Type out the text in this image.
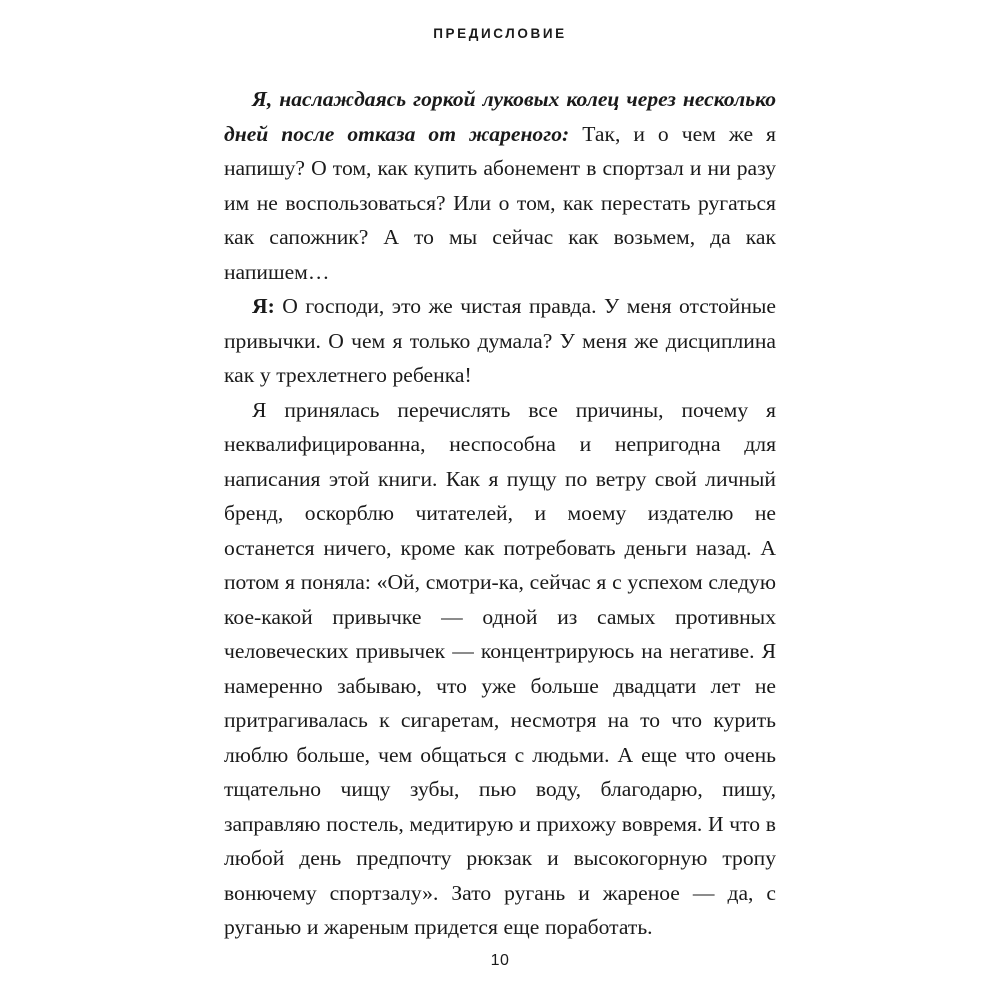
ПРЕДИСЛОВИЕ

Я, наслаждаясь горкой луковых колец через несколько дней после отказа от жареного: Так, и о чем же я напишу? О том, как купить абонемент в спортзал и ни разу им не воспользоваться? Или о том, как перестать ругаться как сапожник? А то мы сейчас как возьмем, да как напишем…

Я: О господи, это же чистая правда. У меня отстойные привычки. О чем я только думала? У меня же дисциплина как у трехлетнего ребенка!

Я принялась перечислять все причины, почему я неквалифицированна, неспособна и непригодна для написания этой книги. Как я пущу по ветру свой личный бренд, оскорблю читателей, и моему издателю не останется ничего, кроме как потребовать деньги назад. А потом я поняла: «Ой, смотри-ка, сейчас я с успехом следую кое-какой привычке — одной из самых противных человеческих привычек — концентрируюсь на негативе. Я намеренно забываю, что уже больше двадцати лет не притрагивалась к сигаретам, несмотря на то что курить люблю больше, чем общаться с людьми. А еще что очень тщательно чищу зубы, пью воду, благодарю, пишу, заправляю постель, медитирую и прихожу вовремя. И что в любой день предпочту рюкзак и высокогорную тропу вонючему спортзалу». Зато ругань и жареное — да, с руганью и жареным придется еще поработать.

10
